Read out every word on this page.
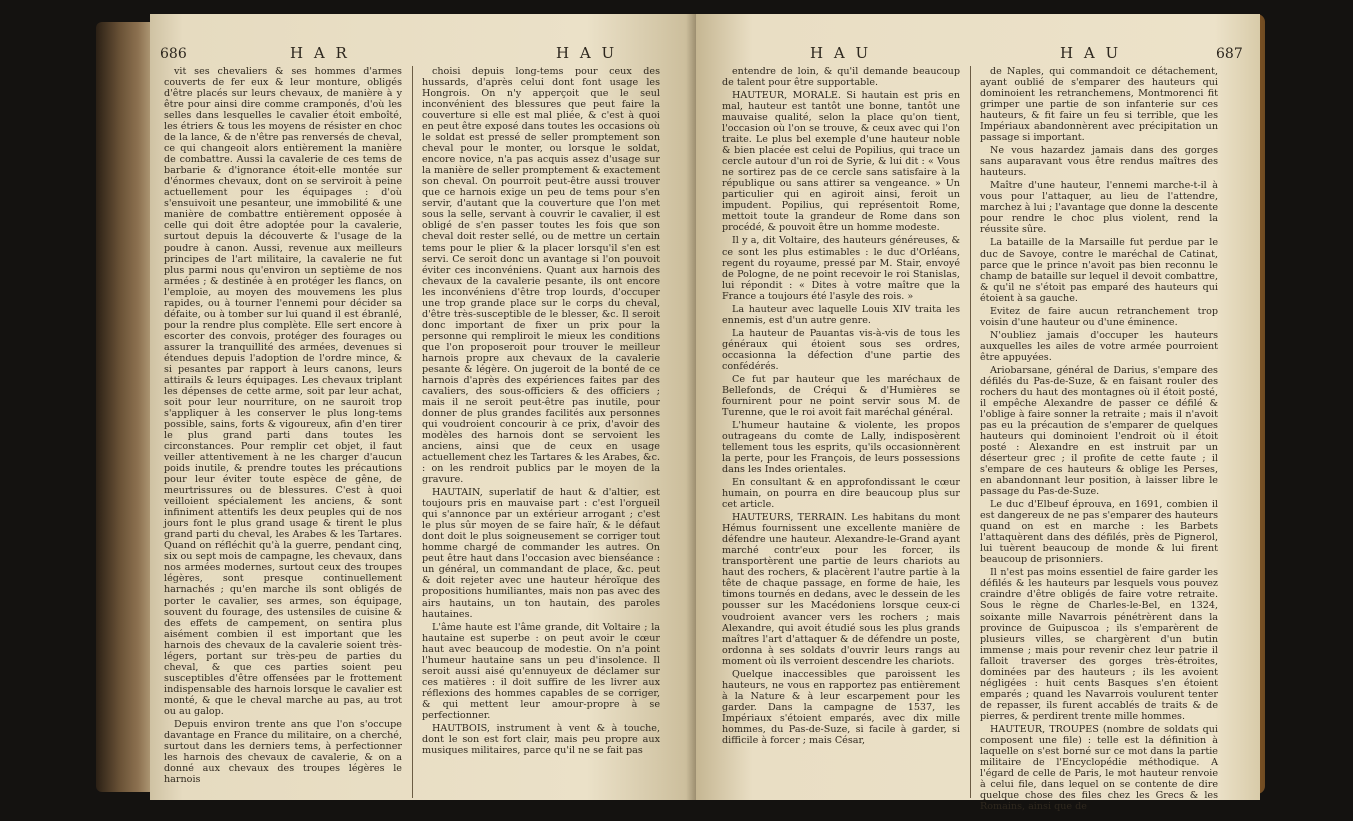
686	H A R	H A U

vit ses chevaliers & ses hommes d'armes couverts de fer eux & leur monture, obligés d'être placés sur leurs chevaux, de manière à y être pour ainsi dire comme cramponés, d'où les selles dans lesquelles le cavalier étoit emboîté, les étriers & tous les moyens de résister en choc de la lance, & de n'être pas renversés de cheval, ce qui changeoit alors entièrement la manière de combattre. Aussi la cavalerie de ces tems de barbarie & d'ignorance étoit-elle montée sur d'énormes chevaux, dont on se serviroit à peine actuellement pour les équipages : d'où s'ensuivoit une pesanteur, une immobilité & une manière de combattre entièrement opposée à celle qui doit être adoptée pour la cavalerie, surtout depuis la découverte & l'usage de la poudre à canon. Aussi, revenue aux meilleurs principes de l'art militaire, la cavalerie ne fut plus parmi nous qu'environ un septième de nos armées ; & destinée à en protéger les flancs, on l'emploie, au moyen des mouvemens les plus rapides, ou à tourner l'ennemi pour décider sa défaite, ou à tomber sur lui quand il est ébranlé, pour la rendre plus complète. Elle sert encore à escorter des convois, protéger des fourages ou assurer la tranquillité des armées, devenues si étendues depuis l'adoption de l'ordre mince, & si pesantes par rapport à leurs canons, leurs attirails & leurs équipages. Les chevaux triplant les dépenses de cette arme, soit par leur achat, soit pour leur nourriture, on ne sauroit trop s'appliquer à les conserver le plus long-tems possible, sains, forts & vigoureux, afin d'en tirer le plus grand parti dans toutes les circonstances. Pour remplir cet objet, il faut veiller attentivement à ne les charger d'aucun poids inutile, & prendre toutes les précautions pour leur éviter toute espèce de gêne, de meurtrissures ou de blessures. C'est à quoi veilloient spécialement les anciens, & sont infiniment attentifs les deux peuples qui de nos jours font le plus grand usage & tirent le plus grand parti du cheval, les Arabes & les Tartares. Quand on réfléchit qu'à la guerre, pendant cinq, six ou sept mois de campagne, les chevaux, dans nos armées modernes, surtout ceux des troupes légères, sont presque continuellement harnachés ; qu'en marche ils sont obligés de porter le cavalier, ses armes, son équipage, souvent du fourage, des ustensiles de cuisine & des effets de campement, on sentira plus aisément combien il est important que les harnois des chevaux de la cavalerie soient très-légers, portant sur très-peu de parties du cheval, & que ces parties soient peu susceptibles d'être offensées par le frottement indispensable des harnois lorsque le cavalier est monté, & que le cheval marche au pas, au trot ou au galop.

Depuis environ trente ans que l'on s'occupe davantage en France du militaire, on a cherché, surtout dans les derniers tems, à perfectionner les harnois des chevaux de cavalerie, & on a donné aux chevaux des troupes légères le harnois

choisi depuis long-tems pour ceux des hussards, d'après celui dont font usage les Hongrois. On n'y apperçoit que le seul inconvénient des blessures que peut faire la couverture si elle est mal pliée, & c'est à quoi en peut être exposé dans toutes les occasions où le soldat est pressé de seller promptement son cheval pour le monter, ou lorsque le soldat, encore novice, n'a pas acquis assez d'usage sur la manière de seller promptement & exactement son cheval. On pourroit peut-être aussi trouver que ce harnois exige un peu de tems pour s'en servir, d'autant que la couverture que l'on met sous la selle, servant à couvrir le cavalier, il est obligé de s'en passer toutes les fois que son cheval doit rester sellé, ou de mettre un certain tems pour le plier & la placer lorsqu'il s'en est servi. Ce seroit donc un avantage si l'on pouvoit éviter ces inconvéniens. Quant aux harnois des chevaux de la cavalerie pesante, ils ont encore les inconvéniens d'être trop lourds, d'occuper une trop grande place sur le corps du cheval, d'être très-susceptible de le blesser, &c. Il seroit donc important de fixer un prix pour la personne qui rempliroit le mieux les conditions que l'on proposeroit pour trouver le meilleur harnois propre aux chevaux de la cavalerie pesante & légère. On jugeroit de la bonté de ce harnois d'après des expériences faites par des cavaliers, des sous-officiers & des officiers ; mais il ne seroit peut-être pas inutile, pour donner de plus grandes facilités aux personnes qui voudroient concourir à ce prix, d'avoir des modèles des harnois dont se servoient les anciens, ainsi que de ceux en usage actuellement chez les Tartares & les Arabes, &c. : on les rendroit publics par le moyen de la gravure.

HAUTAIN, superlatif de haut & d'altier, est toujours pris en mauvaise part : c'est l'orgueil qui s'annonce par un extérieur arrogant ; c'est le plus sûr moyen de se faire haïr, & le défaut dont doit le plus soigneusement se corriger tout homme chargé de commander les autres. On peut être haut dans l'occasion avec bienséance : un général, un commandant de place, &c. peut & doit rejeter avec une hauteur héroïque des propositions humiliantes, mais non pas avec des airs hautains, un ton hautain, des paroles hautaines.

L'âme haute est l'âme grande, dit Voltaire ; la hautaine est superbe : on peut avoir le cœur haut avec beaucoup de modestie. On n'a point l'humeur hautaine sans un peu d'insolence. Il seroit aussi aisé qu'ennuyeux de déclamer sur ces matières : il doit suffire de les livrer aux réflexions des hommes capables de se corriger, & qui mettent leur amour-propre à se perfectionner.

HAUTBOIS, instrument à vent & à touche, dont le son est fort clair, mais peu propre aux musiques militaires, parce qu'il ne se fait pas

H A U	H A U	687

entendre de loin, & qu'il demande beaucoup de talent pour être supportable.

HAUTEUR, MORALE. Si hautain est pris en mal, hauteur est tantôt une bonne, tantôt une mauvaise qualité, selon la place qu'on tient, l'occasion où l'on se trouve, & ceux avec qui l'on traite. Le plus bel exemple d'une hauteur noble & bien placée est celui de Popilius, qui trace un cercle autour d'un roi de Syrie, & lui dit : « Vous ne sortirez pas de ce cercle sans satisfaire à la république ou sans attirer sa vengeance. » Un particulier qui en agiroit ainsi, feroit un impudent. Popilius, qui représentoit Rome, mettoit toute la grandeur de Rome dans son procédé, & pouvoit être un homme modeste.

Il y a, dit Voltaire, des hauteurs généreuses, & ce sont les plus estimables : le duc d'Orléans, regent du royaume, pressé par M. Stair, envoyé de Pologne, de ne point recevoir le roi Stanislas, lui répondit : « Dites à votre maître que la France a toujours été l'asyle des rois. »

La hauteur avec laquelle Louis XIV traita les ennemis, est d'un autre genre.

La hauteur de Pauantas vis-à-vis de tous les généraux qui étoient sous ses ordres, occasionna la défection d'une partie des confédérés.

Ce fut par hauteur que les maréchaux de Bellefonds, de Créqui & d'Humières se fournirent pour ne point servir sous M. de Turenne, que le roi avoit fait maréchal général.

L'humeur hautaine & violente, les propos outrageans du comte de Lally, indisposèrent tellement tous les esprits, qu'ils occasionnèrent la perte, pour les François, de leurs possessions dans les Indes orientales.

En consultant & en approfondissant le cœur humain, on pourra en dire beaucoup plus sur cet article.

HAUTEURS, TERRAIN. Les habitans du mont Hémus fournissent une excellente manière de défendre une hauteur. Alexandre-le-Grand ayant marché contr'eux pour les forcer, ils transportèrent une partie de leurs chariots au haut des rochers, & placèrent l'autre partie à la tête de chaque passage, en forme de haie, les timons tournés en dedans, avec le dessein de les pousser sur les Macédoniens lorsque ceux-ci voudroient avancer vers les rochers ; mais Alexandre, qui avoit étudié sous les plus grands maîtres l'art d'attaquer & de défendre un poste, ordonna à ses soldats d'ouvrir leurs rangs au moment où ils verroient descendre les chariots.

Quelque inaccessibles que paroissent les hauteurs, ne vous en rapportez pas entièrement à la Nature & à leur escarpement pour les garder. Dans la campagne de 1537, les Impériaux s'étoient emparés, avec dix mille hommes, du Pas-de-Suze, si facile à garder, si difficile à forcer ; mais César,

de Naples, qui commandoit ce détachement, ayant oublié de s'emparer des hauteurs qui dominoient les retranchemens, Montmorenci fit grimper une partie de son infanterie sur ces hauteurs, & fit faire un feu si terrible, que les Impériaux abandonnèrent avec précipitation un passage si important.

Ne vous hazardez jamais dans des gorges sans auparavant vous être rendus maîtres des hauteurs.

Maître d'une hauteur, l'ennemi marche-t-il à vous pour l'attaquer, au lieu de l'attendre, marchez à lui ; l'avantage que donne la descente pour rendre le choc plus violent, rend la réussite sûre.

La bataille de la Marsaille fut perdue par le duc de Savoye, contre le maréchal de Catinat, parce que le prince n'avoit pas bien reconnu le champ de bataille sur lequel il devoit combattre, & qu'il ne s'étoit pas emparé des hauteurs qui étoient à sa gauche.

Evitez de faire aucun retranchement trop voisin d'une hauteur ou d'une éminence.

N'oubliez jamais d'occuper les hauteurs auxquelles les ailes de votre armée pourroient être appuyées.

Ariobarsane, général de Darius, s'empare des défilés du Pas-de-Suze, & en faisant rouler des rochers du haut des montagnes où il étoit posté, il empêche Alexandre de passer ce défilé & l'oblige à faire sonner la retraite ; mais il n'avoit pas eu la précaution de s'emparer de quelques hauteurs qui dominoient l'endroit où il étoit posté : Alexandre en est instruit par un déserteur grec ; il profite de cette faute ; il s'empare de ces hauteurs & oblige les Perses, en abandonnant leur position, à laisser libre le passage du Pas-de-Suze.

Le duc d'Elbeuf éprouva, en 1691, combien il est dangereux de ne pas s'emparer des hauteurs quand on est en marche : les Barbets l'attaquèrent dans des défilés, près de Pignerol, lui tuèrent beaucoup de monde & lui firent beaucoup de prisonniers.

Il n'est pas moins essentiel de faire garder les défilés & les hauteurs par lesquels vous pouvez craindre d'être obligés de faire votre retraite. Sous le règne de Charles-le-Bel, en 1324, soixante mille Navarrois pénétrèrent dans la province de Guipuscoa ; ils s'emparèrent de plusieurs villes, se chargèrent d'un butin immense ; mais pour revenir chez leur patrie il falloit traverser des gorges très-étroites, dominées par des hauteurs ; ils les avoient négligées : huit cents Basques s'en étoient emparés ; quand les Navarrois voulurent tenter de repasser, ils furent accablés de traits & de pierres, & perdirent trente mille hommes.

HAUTEUR, TROUPES (nombre de soldats qui composent une file) : telle est la définition à laquelle on s'est borné sur ce mot dans la partie militaire de l'Encyclopédie méthodique. A l'égard de celle de Paris, le mot hauteur renvoie à celui file, dans lequel on se contente de dire quelque chose des files chez les Grecs & les Romains, ainsi que de
